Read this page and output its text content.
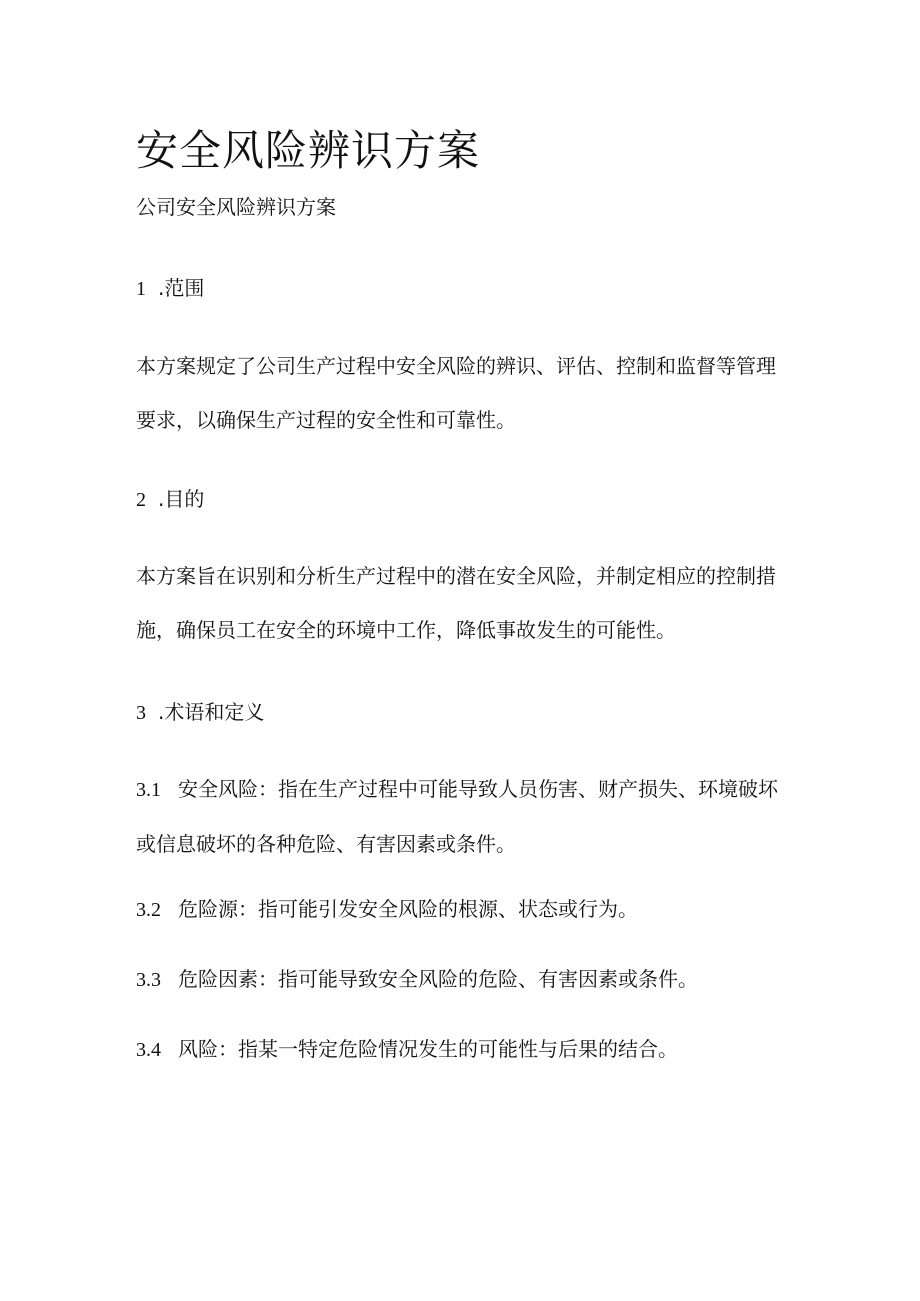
安全风险辨识方案

公司安全风险辨识方案

1 .范围

本方案规定了公司生产过程中安全风险的辨识、评估、控制和监督等管理要求，以确保生产过程的安全性和可靠性。

2 .目的

本方案旨在识别和分析生产过程中的潜在安全风险，并制定相应的控制措施，确保员工在安全的环境中工作，降低事故发生的可能性。

3 .术语和定义

3.1 安全风险：指在生产过程中可能导致人员伤害、财产损失、环境破坏或信息破坏的各种危险、有害因素或条件。

3.2 危险源：指可能引发安全风险的根源、状态或行为。

3.3 危险因素：指可能导致安全风险的危险、有害因素或条件。

3.4 风险：指某一特定危险情况发生的可能性与后果的结合。
